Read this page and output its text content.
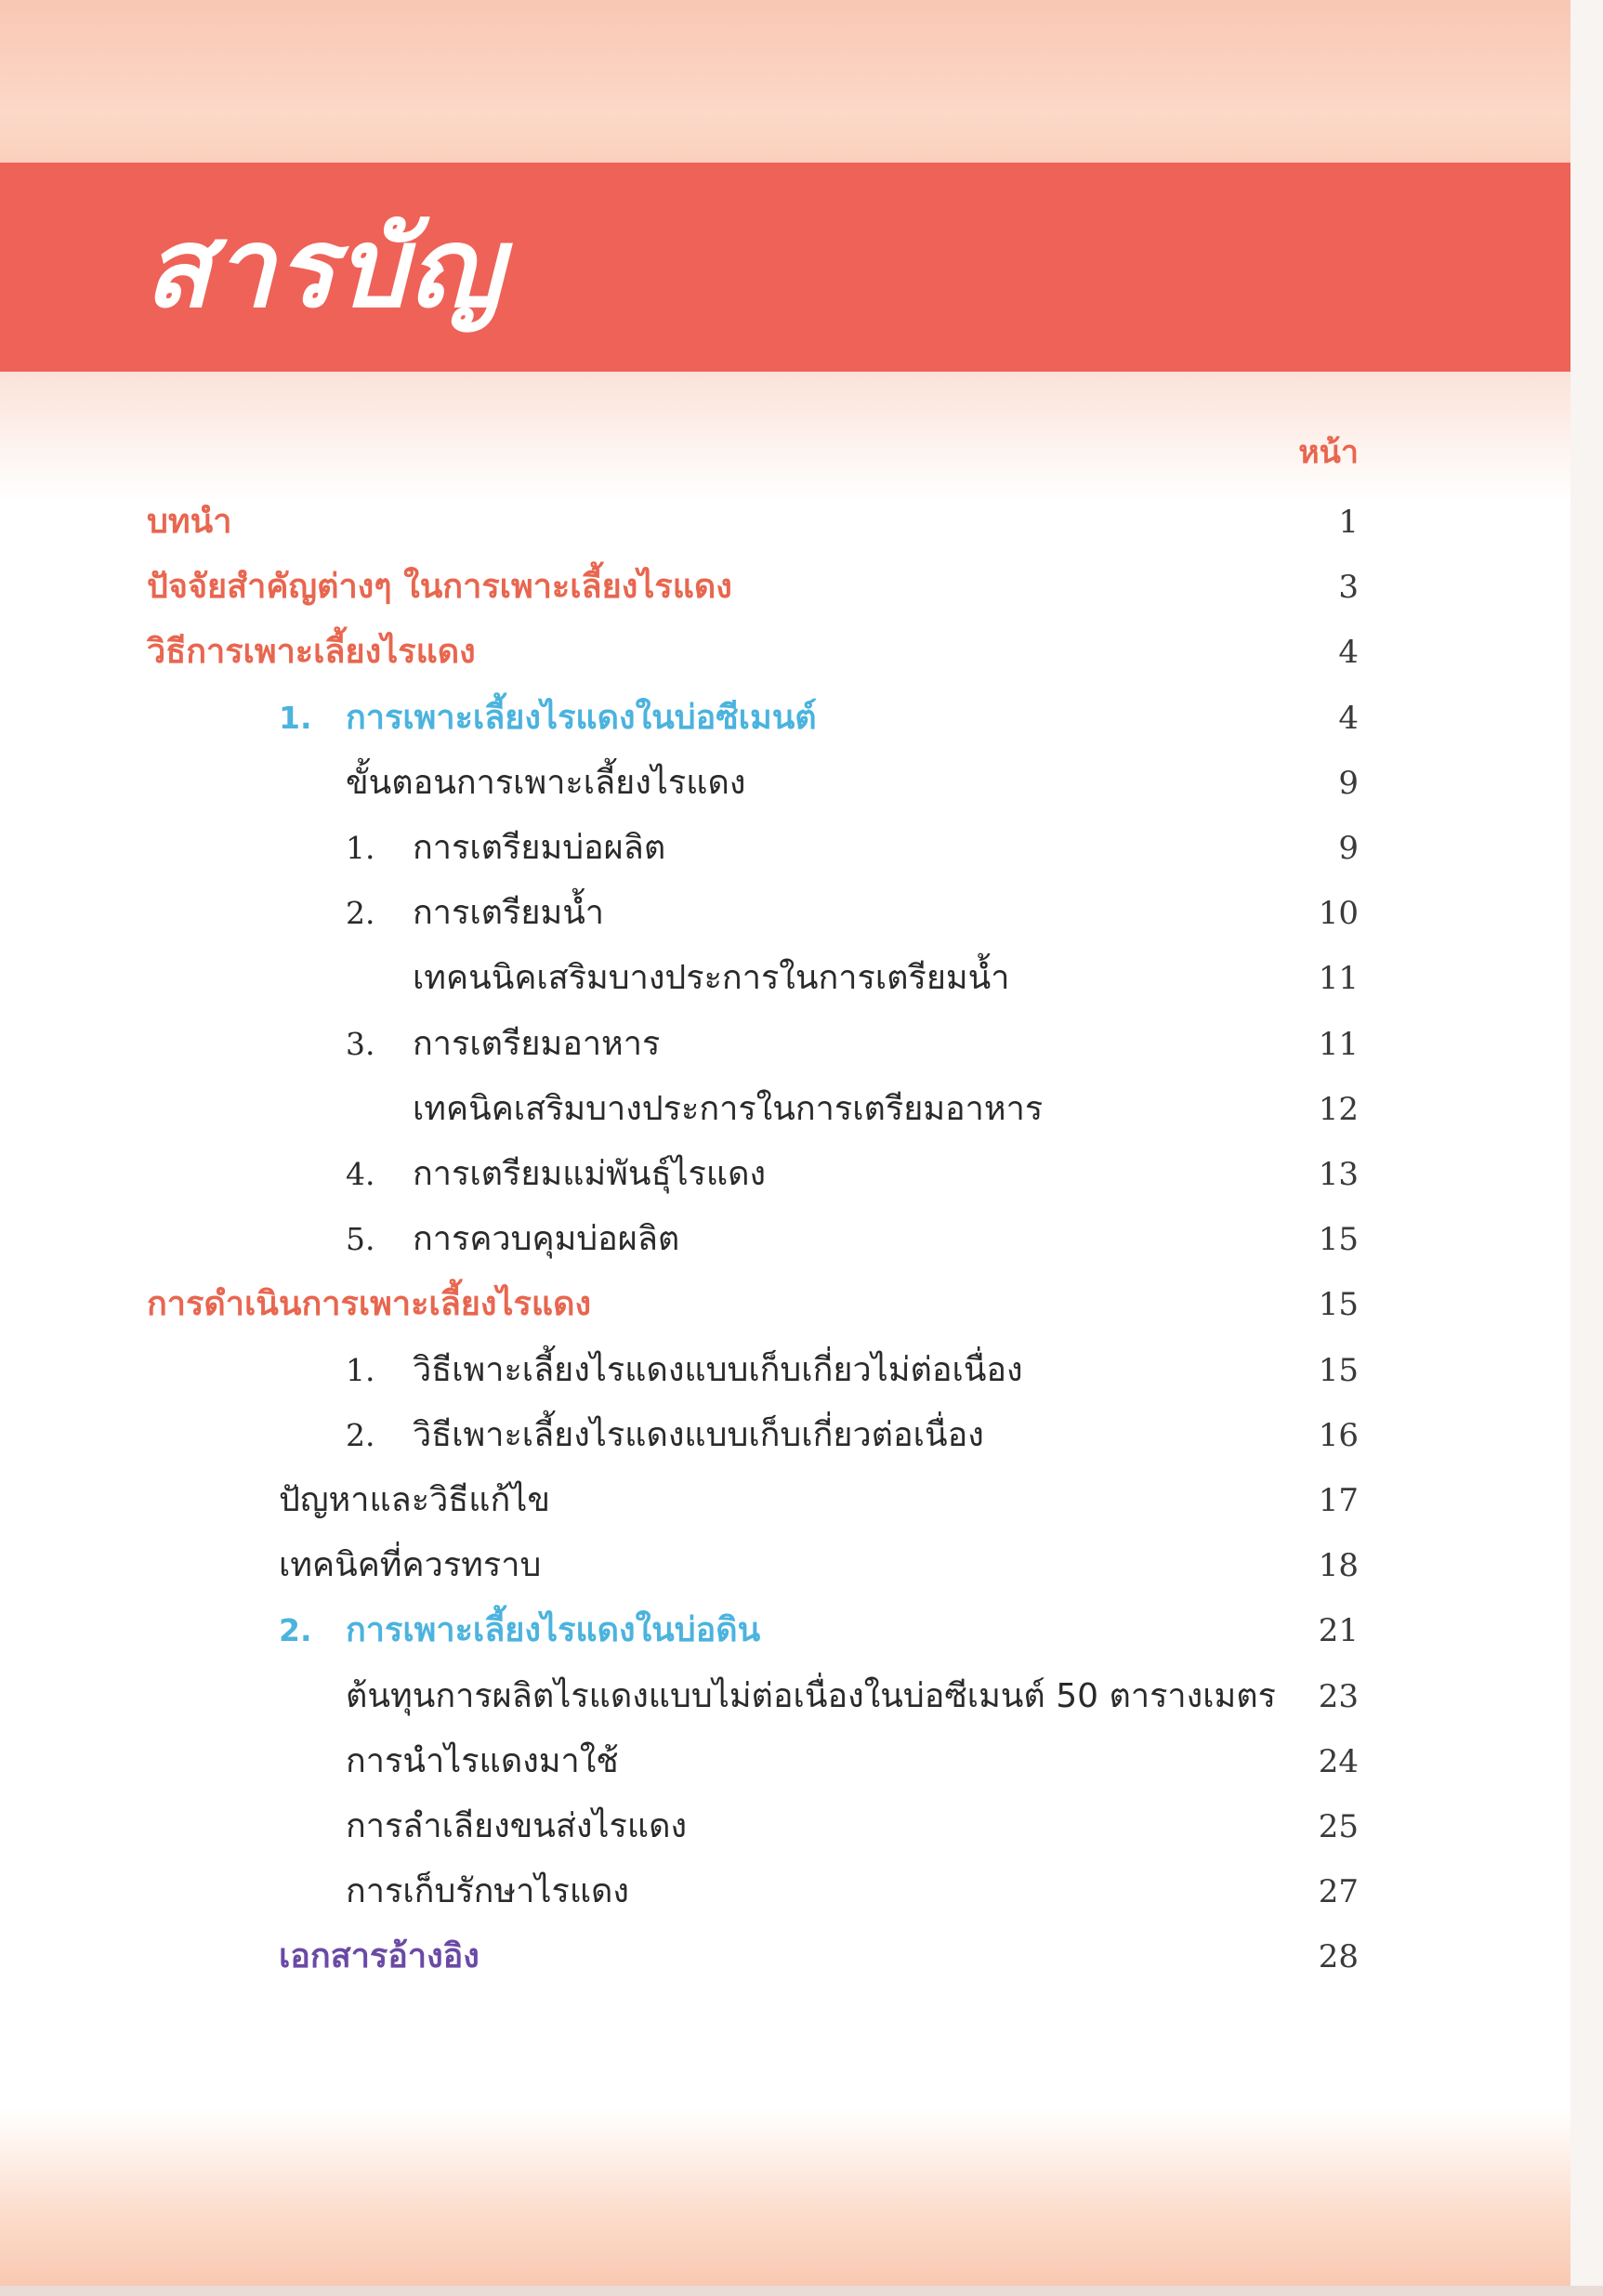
สารบัญ
หน้า
บทนำ	1
ปัจจัยสำคัญต่างๆ ในการเพาะเลี้ยงไรแดง	3
วิธีการเพาะเลี้ยงไรแดง	4
1. การเพาะเลี้ยงไรแดงในบ่อซีเมนต์	4
ขั้นตอนการเพาะเลี้ยงไรแดง	9
1. การเตรียมบ่อผลิต	9
2. การเตรียมน้ำ	10
เทคนนิคเสริมบางประการในการเตรียมน้ำ	11
3. การเตรียมอาหาร	11
เทคนิคเสริมบางประการในการเตรียมอาหาร	12
4. การเตรียมแม่พันธุ์ไรแดง	13
5. การควบคุมบ่อผลิต	15
การดำเนินการเพาะเลี้ยงไรแดง	15
1. วิธีเพาะเลี้ยงไรแดงแบบเก็บเกี่ยวไม่ต่อเนื่อง	15
2. วิธีเพาะเลี้ยงไรแดงแบบเก็บเกี่ยวต่อเนื่อง	16
ปัญหาและวิธีแก้ไข	17
เทคนิคที่ควรทราบ	18
2. การเพาะเลี้ยงไรแดงในบ่อดิน	21
ต้นทุนการผลิตไรแดงแบบไม่ต่อเนื่องในบ่อซีเมนต์ 50 ตารางเมตร	23
การนำไรแดงมาใช้	24
การลำเลียงขนส่งไรแดง	25
การเก็บรักษาไรแดง	27
เอกสารอ้างอิง	28
